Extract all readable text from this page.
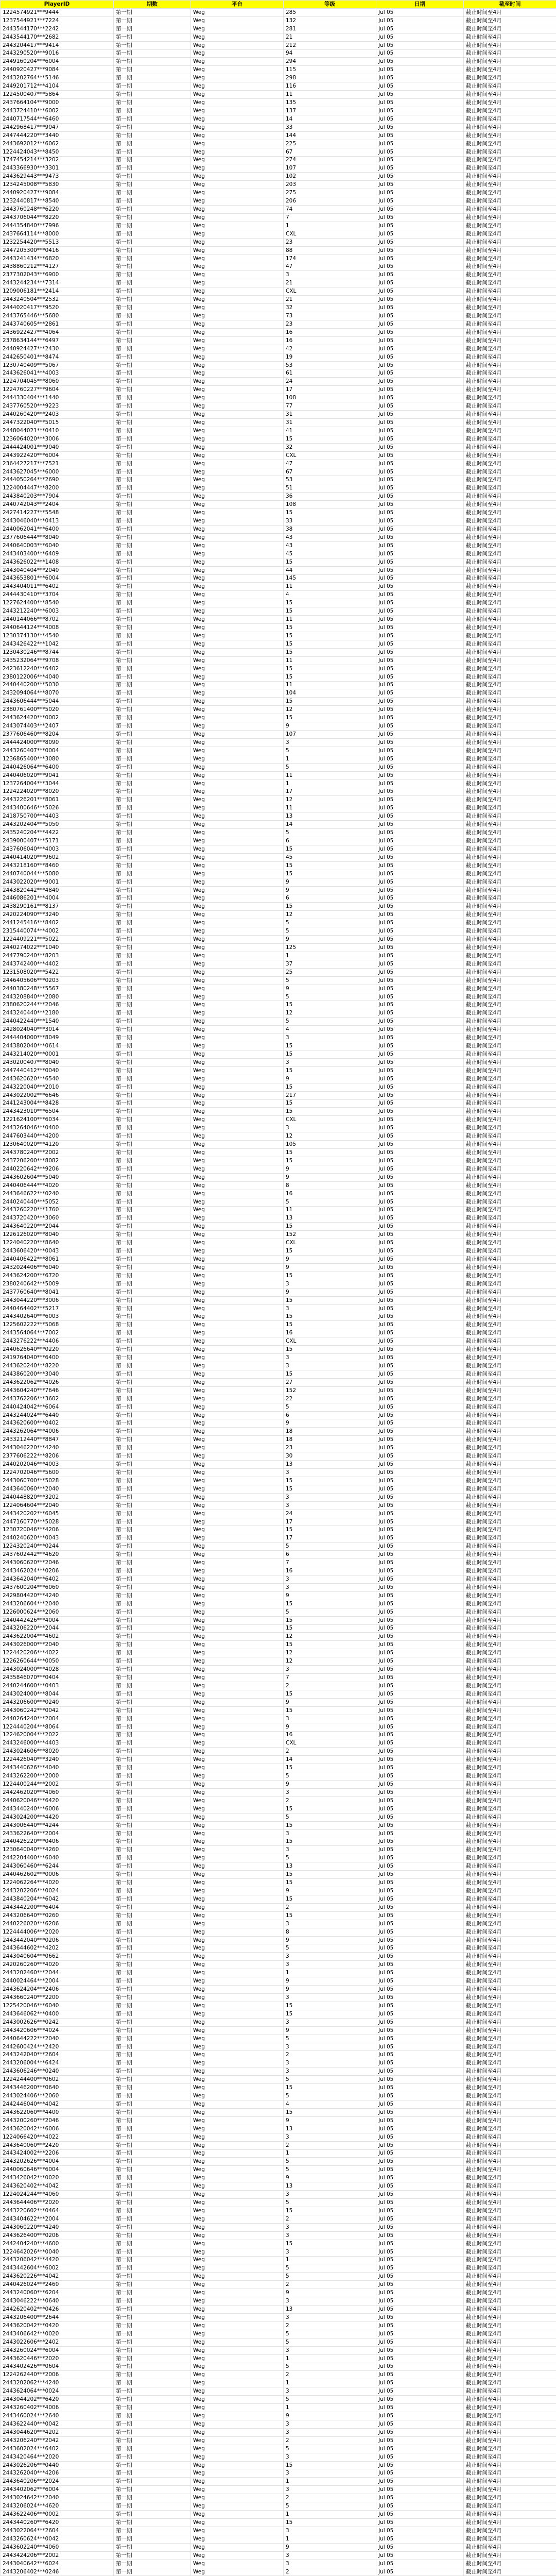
PlayerID	期数	平台	等级	日期	截至时间
1224574921***9444	第一期	Weg	285	Jul 05	截止时间至4月
1237544921***7224	第一期	Weg	132	Jul 05	截止时间至4月
2443544170***2242	第一期	Weg	281	Jul 05	截止时间至4月
2443544170***2682	第一期	Weg	21	Jul 05	截止时间至4月
2443204417***9414	第一期	Weg	212	Jul 05	截止时间至4月
2443290520***9016	第一期	Weg	94	Jul 05	截止时间至4月
2449160204***6004	第一期	Weg	294	Jul 05	截止时间至4月
2440920427***9084	第一期	Weg	115	Jul 05	截止时间至4月
2443202764***5146	第一期	Weg	298	Jul 05	截止时间至4月
2449201712***4104	第一期	Weg	116	Jul 05	截止时间至4月
1224500407***5864	第一期	Weg	11	Jul 05	截止时间至4月
2437664104***9000	第一期	Weg	135	Jul 05	截止时间至4月
2443724410***6002	第一期	Weg	137	Jul 05	截止时间至4月
2440717544***6460	第一期	Weg	14	Jul 05	截止时间至4月
2442968417***9047	第一期	Weg	33	Jul 05	截止时间至4月
2447444220***3440	第一期	Weg	144	Jul 05	截止时间至4月
2443692012***6062	第一期	Weg	225	Jul 05	截止时间至4月
1224424043***8450	第一期	Weg	67	Jul 05	截止时间至4月
1747454214***3202	第一期	Weg	274	Jul 05	截止时间至4月
2443366930***3301	第一期	Weg	107	Jul 05	截止时间至4月
2443629443***9473	第一期	Weg	102	Jul 05	截止时间至4月
1234245008***5830	第一期	Weg	203	Jul 05	截止时间至4月
2440920427***9084	第一期	Weg	275	Jul 05	截止时间至4月
1232440817***8540	第一期	Weg	206	Jul 05	截止时间至4月
2443760248***6220	第一期	Weg	74	Jul 05	截止时间至4月
2443706044***8220	第一期	Weg	7	Jul 05	截止时间至4月
2444354840***7996	第一期	Weg	1	Jul 05	截止时间至4月
2437664114***8000	第一期	Weg	CXL	Jul 05	截止时间至4月
1232254420***5513	第一期	Weg	23	Jul 05	截止时间至4月
2447205300***0416	第一期	Weg	88	Jul 05	截止时间至4月
2443241434***6820	第一期	Weg	174	Jul 05	截止时间至4月
2438860212***4127	第一期	Weg	47	Jul 05	截止时间至4月
2377302043***6900	第一期	Weg	3	Jul 05	截止时间至4月
2443244234***7314	第一期	Weg	21	Jul 05	截止时间至4月
1209006181***2414	第一期	Weg	CXL	Jul 05	截止时间至4月
2443240504***2532	第一期	Weg	21	Jul 05	截止时间至4月
2444020417***9520	第一期	Weg	32	Jul 05	截止时间至4月
2443765446***5680	第一期	Weg	73	Jul 05	截止时间至4月
2443740605***2861	第一期	Weg	23	Jul 05	截止时间至4月
2436922427***4064	第一期	Weg	16	Jul 05	截止时间至4月
2378634144***6497	第一期	Weg	16	Jul 05	截止时间至4月
2440924427***2430	第一期	Weg	42	Jul 05	截止时间至4月
2442650401***8474	第一期	Weg	19	Jul 05	截止时间至4月
1230740409***5067	第一期	Weg	53	Jul 05	截止时间至4月
2443626041***4003	第一期	Weg	61	Jul 05	截止时间至4月
1224704045***8060	第一期	Weg	24	Jul 05	截止时间至4月
1224760227***9604	第一期	Weg	17	Jul 05	截止时间至4月
2444330404***1440	第一期	Weg	108	Jul 05	截止时间至4月
2437760520***9223	第一期	Weg	77	Jul 05	截止时间至4月
2440260420***2403	第一期	Weg	31	Jul 05	截止时间至4月
2447322040***5015	第一期	Weg	31	Jul 05	截止时间至4月
2448044021***0410	第一期	Weg	41	Jul 05	截止时间至4月
1236064020***3006	第一期	Weg	15	Jul 05	截止时间至4月
2444424001***9040	第一期	Weg	32	Jul 05	截止时间至4月
2443922420***6004	第一期	Weg	CXL	Jul 05	截止时间至4月
2364427217***7521	第一期	Weg	47	Jul 05	截止时间至4月
2443627045***6000	第一期	Weg	67	Jul 05	截止时间至4月
2444050264***2690	第一期	Weg	53	Jul 05	截止时间至4月
1224004447***8200	第一期	Weg	51	Jul 05	截止时间至4月
2443840203***7904	第一期	Weg	36	Jul 05	截止时间至4月
2440742043***2404	第一期	Weg	108	Jul 05	截止时间至4月
2427414227***5548	第一期	Weg	15	Jul 05	截止时间至4月
2443046040***0413	第一期	Weg	33	Jul 05	截止时间至4月
2440062041***6400	第一期	Weg	38	Jul 05	截止时间至4月
2377606444***8040	第一期	Weg	43	Jul 05	截止时间至4月
2440640003***6040	第一期	Weg	43	Jul 05	截止时间至4月
2443403400***6409	第一期	Weg	45	Jul 05	截止时间至4月
2443626022***1408	第一期	Weg	15	Jul 05	截止时间至4月
2443040404***2040	第一期	Weg	44	Jul 05	截止时间至4月
2443653801***6004	第一期	Weg	145	Jul 05	截止时间至4月
2443404011***6402	第一期	Weg	11	Jul 05	截止时间至4月
2444430410***3704	第一期	Weg	4	Jul 05	截止时间至4月
1227624400***8540	第一期	Weg	15	Jul 05	截止时间至4月
2443212240***6003	第一期	Weg	15	Jul 05	截止时间至4月
2440144066***8702	第一期	Weg	11	Jul 05	截止时间至4月
2440644124***4008	第一期	Weg	15	Jul 05	截止时间至4月
1230374130***4540	第一期	Weg	15	Jul 05	截止时间至4月
2443426422***1042	第一期	Weg	15	Jul 05	截止时间至4月
1230430246***8744	第一期	Weg	15	Jul 05	截止时间至4月
2435232064***9708	第一期	Weg	11	Jul 05	截止时间至4月
2423612240***6402	第一期	Weg	15	Jul 05	截止时间至4月
2380122006***4040	第一期	Weg	15	Jul 05	截止时间至4月
2440440200***5030	第一期	Weg	11	Jul 05	截止时间至4月
2432094064***8070	第一期	Weg	104	Jul 05	截止时间至4月
2443606444***5044	第一期	Weg	15	Jul 05	截止时间至4月
2380761400***5020	第一期	Weg	12	Jul 05	截止时间至4月
2443624420***0002	第一期	Weg	15	Jul 05	截止时间至4月
2443074403***2407	第一期	Weg	9	Jul 05	截止时间至4月
2377606460***8204	第一期	Weg	107	Jul 05	截止时间至4月
2444424000***8090	第一期	Weg	3	Jul 05	截止时间至4月
2443260407***0004	第一期	Weg	5	Jul 05	截止时间至4月
1236865400***3080	第一期	Weg	1	Jul 05	截止时间至4月
2440426064***6400	第一期	Weg	5	Jul 05	截止时间至4月
2440406020***9041	第一期	Weg	11	Jul 05	截止时间至4月
1237264004***3044	第一期	Weg	1	Jul 05	截止时间至4月
1224224020***8020	第一期	Weg	17	Jul 05	截止时间至4月
2443226201***8061	第一期	Weg	12	Jul 05	截止时间至4月
2443400646***5026	第一期	Weg	11	Jul 05	截止时间至4月
2418750700***4403	第一期	Weg	13	Jul 05	截止时间至4月
2443202404***5050	第一期	Weg	14	Jul 05	截止时间至4月
2435240204***4422	第一期	Weg	5	Jul 05	截止时间至4月
2439000407***5171	第一期	Weg	6	Jul 05	截止时间至4月
2437606040***4003	第一期	Weg	15	Jul 05	截止时间至4月
2440414020***9602	第一期	Weg	45	Jul 05	截止时间至4月
2443218160***8460	第一期	Weg	15	Jul 05	截止时间至4月
2440740044***5080	第一期	Weg	15	Jul 05	截止时间至4月
2443022020***9001	第一期	Weg	9	Jul 05	截止时间至4月
2443820442***4840	第一期	Weg	9	Jul 05	截止时间至4月
2446086201***4004	第一期	Weg	6	Jul 05	截止时间至4月
2438290161***8137	第一期	Weg	15	Jul 05	截止时间至4月
2420224090***3240	第一期	Weg	12	Jul 05	截止时间至4月
2441245416***8402	第一期	Weg	5	Jul 05	截止时间至4月
2315440074***4002	第一期	Weg	5	Jul 05	截止时间至4月
1224409221***5022	第一期	Weg	9	Jul 05	截止时间至4月
2440274022***1040	第一期	Weg	125	Jul 05	截止时间至4月
2447790240***8203	第一期	Weg	1	Jul 05	截止时间至4月
2443742400***4402	第一期	Weg	37	Jul 05	截止时间至4月
1231508020***5422	第一期	Weg	25	Jul 05	截止时间至4月
2446405606***0203	第一期	Weg	5	Jul 05	截止时间至4月
2440380248***5567	第一期	Weg	9	Jul 05	截止时间至4月
2443208840***2080	第一期	Weg	5	Jul 05	截止时间至4月
2380620244***2046	第一期	Weg	15	Jul 05	截止时间至4月
2443240440***2180	第一期	Weg	12	Jul 05	截止时间至4月
2440422440***1540	第一期	Weg	5	Jul 05	截止时间至4月
2428024040***3014	第一期	Weg	4	Jul 05	截止时间至4月
2444404000***8049	第一期	Weg	3	Jul 05	截止时间至4月
2443802040***0614	第一期	Weg	15	Jul 05	截止时间至4月
2443214020***0001	第一期	Weg	15	Jul 05	截止时间至4月
2430200407***8040	第一期	Weg	3	Jul 05	截止时间至4月
2447440412***0040	第一期	Weg	15	Jul 05	截止时间至4月
2443620620***6540	第一期	Weg	9	Jul 05	截止时间至4月
2443220040***2010	第一期	Weg	15	Jul 05	截止时间至4月
2443022002***6646	第一期	Weg	217	Jul 05	截止时间至4月
2441243004***8428	第一期	Weg	15	Jul 05	截止时间至4月
2443423010***6504	第一期	Weg	15	Jul 05	截止时间至4月
1221624100***6034	第一期	Weg	CXL	Jul 05	截止时间至4月
2443264046***0400	第一期	Weg	3	Jul 05	截止时间至4月
2447603440***4200	第一期	Weg	12	Jul 05	截止时间至4月
1230640020***4120	第一期	Weg	105	Jul 05	截止时间至4月
2443780240***2002	第一期	Weg	15	Jul 05	截止时间至4月
2437206200***8082	第一期	Weg	15	Jul 05	截止时间至4月
2440220642***9206	第一期	Weg	9	Jul 05	截止时间至4月
2443602604***5040	第一期	Weg	9	Jul 05	截止时间至4月
2440406444***4020	第一期	Weg	8	Jul 05	截止时间至4月
2443646622***0240	第一期	Weg	16	Jul 05	截止时间至4月
2440240440***5052	第一期	Weg	5	Jul 05	截止时间至4月
2443260220***1760	第一期	Weg	11	Jul 05	截止时间至4月
2443720420***3060	第一期	Weg	13	Jul 05	截止时间至4月
2443640220***2044	第一期	Weg	15	Jul 05	截止时间至4月
1226126020***8040	第一期	Weg	152	Jul 05	截止时间至4月
1224040220***8640	第一期	Weg	CXL	Jul 05	截止时间至4月
2443606420***0043	第一期	Weg	15	Jul 05	截止时间至4月
2440406422***8061	第一期	Weg	9	Jul 05	截止时间至4月
2432024406***6040	第一期	Weg	9	Jul 05	截止时间至4月
2443624200***6720	第一期	Weg	15	Jul 05	截止时间至4月
2380240642***5009	第一期	Weg	3	Jul 05	截止时间至4月
2437760640***8041	第一期	Weg	9	Jul 05	截止时间至4月
2443044220***3006	第一期	Weg	15	Jul 05	截止时间至4月
2440464402***5217	第一期	Weg	3	Jul 05	截止时间至4月
2443402640***6003	第一期	Weg	15	Jul 05	截止时间至4月
1225602222***5068	第一期	Weg	15	Jul 05	截止时间至4月
2443564064***7002	第一期	Weg	16	Jul 05	截止时间至4月
2443276222***4406	第一期	Weg	CXL	Jul 05	截止时间至4月
2440626640***0220	第一期	Weg	15	Jul 05	截止时间至4月
2419764040***6400	第一期	Weg	3	Jul 05	截止时间至4月
2443620240***8220	第一期	Weg	3	Jul 05	截止时间至4月
2443860200***3040	第一期	Weg	15	Jul 05	截止时间至4月
2443622062***4026	第一期	Weg	27	Jul 05	截止时间至4月
2443604240***7646	第一期	Weg	152	Jul 05	截止时间至4月
2443762206***3602	第一期	Weg	22	Jul 05	截止时间至4月
2440424042***6064	第一期	Weg	5	Jul 05	截止时间至4月
2443244024***6440	第一期	Weg	6	Jul 05	截止时间至4月
2443620600***0402	第一期	Weg	9	Jul 05	截止时间至4月
2443262064***4006	第一期	Weg	18	Jul 05	截止时间至4月
2433212440***8847	第一期	Weg	18	Jul 05	截止时间至4月
2443046220***4240	第一期	Weg	23	Jul 05	截止时间至4月
2377606222***8206	第一期	Weg	30	Jul 05	截止时间至4月
2440202046***4003	第一期	Weg	13	Jul 05	截止时间至4月
1224702046***5600	第一期	Weg	3	Jul 05	截止时间至4月
2443060700***5028	第一期	Weg	15	Jul 05	截止时间至4月
2443640060***2040	第一期	Weg	15	Jul 05	截止时间至4月
2440448820***3202	第一期	Weg	3	Jul 05	截止时间至4月
1224064604***2040	第一期	Weg	3	Jul 05	截止时间至4月
2443420202***6045	第一期	Weg	24	Jul 05	截止时间至4月
2447160770***5028	第一期	Weg	17	Jul 05	截止时间至4月
1230720046***4206	第一期	Weg	15	Jul 05	截止时间至4月
2440240620***0043	第一期	Weg	17	Jul 05	截止时间至4月
1224320240***0244	第一期	Weg	5	Jul 05	截止时间至4月
2437602442***4620	第一期	Weg	6	Jul 05	截止时间至4月
2443060620***2046	第一期	Weg	7	Jul 05	截止时间至4月
2443462024***0206	第一期	Weg	16	Jul 05	截止时间至4月
2443642040***6402	第一期	Weg	3	Jul 05	截止时间至4月
2437600204***6060	第一期	Weg	3	Jul 05	截止时间至4月
2429804420***4240	第一期	Weg	9	Jul 05	截止时间至4月
2443206604***2040	第一期	Weg	15	Jul 05	截止时间至4月
1226000624***2060	第一期	Weg	5	Jul 05	截止时间至4月
2440442426***4004	第一期	Weg	15	Jul 05	截止时间至4月
2443206220***2044	第一期	Weg	15	Jul 05	截止时间至4月
2443622004***4602	第一期	Weg	12	Jul 05	截止时间至4月
2443026000***2040	第一期	Weg	15	Jul 05	截止时间至4月
1224420206***4022	第一期	Weg	12	Jul 05	截止时间至4月
1226260644***0050	第一期	Weg	12	Jul 05	截止时间至4月
2443024000***4028	第一期	Weg	3	Jul 05	截止时间至4月
2435846070***0404	第一期	Weg	7	Jul 05	截止时间至4月
2440244600***0403	第一期	Weg	2	Jul 05	截止时间至4月
2443024000***8044	第一期	Weg	15	Jul 05	截止时间至4月
2443206600***0240	第一期	Weg	9	Jul 05	截止时间至4月
2443060242***0042	第一期	Weg	15	Jul 05	截止时间至4月
2440264240***2004	第一期	Weg	3	Jul 05	截止时间至4月
1224440204***8064	第一期	Weg	9	Jul 05	截止时间至4月
1224620004***2022	第一期	Weg	16	Jul 05	截止时间至4月
2443246000***4403	第一期	Weg	CXL	Jul 05	截止时间至4月
2443024606***8020	第一期	Weg	2	Jul 05	截止时间至4月
1224426040***3240	第一期	Weg	14	Jul 05	截止时间至4月
2443440626***4040	第一期	Weg	15	Jul 05	截止时间至4月
2443262200***2000	第一期	Weg	5	Jul 05	截止时间至4月
1224400244***2002	第一期	Weg	9	Jul 05	截止时间至4月
2442462020***4060	第一期	Weg	3	Jul 05	截止时间至4月
2440620046***6420	第一期	Weg	2	Jul 05	截止时间至4月
2443440240***6006	第一期	Weg	15	Jul 05	截止时间至4月
2443024200***4420	第一期	Weg	5	Jul 05	截止时间至4月
2443006440***4244	第一期	Weg	15	Jul 05	截止时间至4月
2433622640***2004	第一期	Weg	3	Jul 05	截止时间至4月
2440426220***0406	第一期	Weg	15	Jul 05	截止时间至4月
1230640040***4260	第一期	Weg	3	Jul 05	截止时间至4月
2442204400***6040	第一期	Weg	5	Jul 05	截止时间至4月
2443060460***6244	第一期	Weg	13	Jul 05	截止时间至4月
2440462602***0006	第一期	Weg	15	Jul 05	截止时间至4月
1224062264***4020	第一期	Weg	15	Jul 05	截止时间至4月
2443202206***0024	第一期	Weg	9	Jul 05	截止时间至4月
2443840204***6042	第一期	Weg	15	Jul 05	截止时间至4月
2443442200***6404	第一期	Weg	2	Jul 05	截止时间至4月
2443206640***0260	第一期	Weg	15	Jul 05	截止时间至4月
2440226020***6206	第一期	Weg	3	Jul 05	截止时间至4月
1224444006***2020	第一期	Weg	8	Jul 05	截止时间至4月
2443442040***0206	第一期	Weg	9	Jul 05	截止时间至4月
2443644602***4202	第一期	Weg	5	Jul 05	截止时间至4月
2443040604***0662	第一期	Weg	3	Jul 05	截止时间至4月
2420260260***4020	第一期	Weg	3	Jul 05	截止时间至4月
2443202460***2044	第一期	Weg	1	Jul 05	截止时间至4月
2440024464***2004	第一期	Weg	9	Jul 05	截止时间至4月
2443624204***2406	第一期	Weg	9	Jul 05	截止时间至4月
2443660240***2200	第一期	Weg	3	Jul 05	截止时间至4月
1225420046***6040	第一期	Weg	15	Jul 05	截止时间至4月
2443646062***0400	第一期	Weg	15	Jul 05	截止时间至4月
2443002626***0242	第一期	Weg	3	Jul 05	截止时间至4月
2443420606***4024	第一期	Weg	9	Jul 05	截止时间至4月
2440644222***2040	第一期	Weg	5	Jul 05	截止时间至4月
2442600424***2420	第一期	Weg	3	Jul 05	截止时间至4月
2443242040***2604	第一期	Weg	2	Jul 05	截止时间至4月
2443206004***6424	第一期	Weg	3	Jul 05	截止时间至4月
2443606246***0240	第一期	Weg	3	Jul 05	截止时间至4月
1224244400***0602	第一期	Weg	5	Jul 05	截止时间至4月
2443446200***0640	第一期	Weg	15	Jul 05	截止时间至4月
2443024406***2060	第一期	Weg	5	Jul 05	截止时间至4月
2442446040***4042	第一期	Weg	4	Jul 05	截止时间至4月
2443622060***4400	第一期	Weg	15	Jul 05	截止时间至4月
2443200260***2046	第一期	Weg	9	Jul 05	截止时间至4月
2443620042***6006	第一期	Weg	13	Jul 05	截止时间至4月
1224066420***4022	第一期	Weg	3	Jul 05	截止时间至4月
2443640060***2420	第一期	Weg	2	Jul 05	截止时间至4月
2443424002***2206	第一期	Weg	1	Jul 05	截止时间至4月
2443202626***4004	第一期	Weg	5	Jul 05	截止时间至4月
2440060646***6004	第一期	Weg	5	Jul 05	截止时间至4月
2443426042***0020	第一期	Weg	9	Jul 05	截止时间至4月
2443620402***4042	第一期	Weg	13	Jul 05	截止时间至4月
1224024244***4060	第一期	Weg	3	Jul 05	截止时间至4月
2443644406***2020	第一期	Weg	5	Jul 05	截止时间至4月
2443220602***0464	第一期	Weg	15	Jul 05	截止时间至4月
2443404622***2004	第一期	Weg	2	Jul 05	截止时间至4月
2443060220***4240	第一期	Weg	3	Jul 05	截止时间至4月
2443626400***0206	第一期	Weg	3	Jul 05	截止时间至4月
2442404240***4600	第一期	Weg	15	Jul 05	截止时间至4月
1224642026***0040	第一期	Weg	3	Jul 05	截止时间至4月
2443206042***4420	第一期	Weg	1	Jul 05	截止时间至4月
2443442604***6002	第一期	Weg	5	Jul 05	截止时间至4月
2443620226***4042	第一期	Weg	5	Jul 05	截止时间至4月
2440426024***2460	第一期	Weg	2	Jul 05	截止时间至4月
2443240060***6204	第一期	Weg	9	Jul 05	截止时间至4月
2443046222***0640	第一期	Weg	3	Jul 05	截止时间至4月
2442620402***0426	第一期	Weg	13	Jul 05	截止时间至4月
2443206400***2644	第一期	Weg	3	Jul 05	截止时间至4月
2443620042***0420	第一期	Weg	2	Jul 05	截止时间至4月
2443406642***0020	第一期	Weg	5	Jul 05	截止时间至4月
2443022606***2402	第一期	Weg	5	Jul 05	截止时间至4月
2443260024***6004	第一期	Weg	3	Jul 05	截止时间至4月
2443620446***2020	第一期	Weg	1	Jul 05	截止时间至4月
2443402426***0604	第一期	Weg	5	Jul 05	截止时间至4月
1224262440***2006	第一期	Weg	2	Jul 05	截止时间至4月
2443202062***4240	第一期	Weg	1	Jul 05	截止时间至4月
2443624064***0024	第一期	Weg	3	Jul 05	截止时间至4月
2443044202***6420	第一期	Weg	5	Jul 05	截止时间至4月
2443260402***4006	第一期	Weg	1	Jul 05	截止时间至4月
2443460024***2640	第一期	Weg	9	Jul 05	截止时间至4月
2443622440***0042	第一期	Weg	3	Jul 05	截止时间至4月
2443044620***4202	第一期	Weg	3	Jul 05	截止时间至4月
2443206240***2042	第一期	Weg	2	Jul 05	截止时间至4月
2443602024***6402	第一期	Weg	5	Jul 05	截止时间至4月
2443420464***2020	第一期	Weg	3	Jul 05	截止时间至4月
2443026206***0440	第一期	Weg	15	Jul 05	截止时间至4月
2443262040***4206	第一期	Weg	3	Jul 05	截止时间至4月
2443640206***2024	第一期	Weg	1	Jul 05	截止时间至4月
2443402062***6004	第一期	Weg	3	Jul 05	截止时间至4月
2443024642***2040	第一期	Weg	2	Jul 05	截止时间至4月
2443206024***4620	第一期	Weg	5	Jul 05	截止时间至4月
2443622406***0002	第一期	Weg	1	Jul 05	截止时间至4月
2443440260***6420	第一期	Weg	15	Jul 05	截止时间至4月
2443022064***2604	第一期	Weg	3	Jul 05	截止时间至4月
2443260624***0042	第一期	Weg	1	Jul 05	截止时间至4月
2443602240***4060	第一期	Weg	9	Jul 05	截止时间至4月
2443424206***2002	第一期	Weg	3	Jul 05	截止时间至4月
2443040642***6024	第一期	Weg	3	Jul 05	截止时间至4月
2443206402***0246	第一期	Weg	2	Jul 05	截止时间至4月
